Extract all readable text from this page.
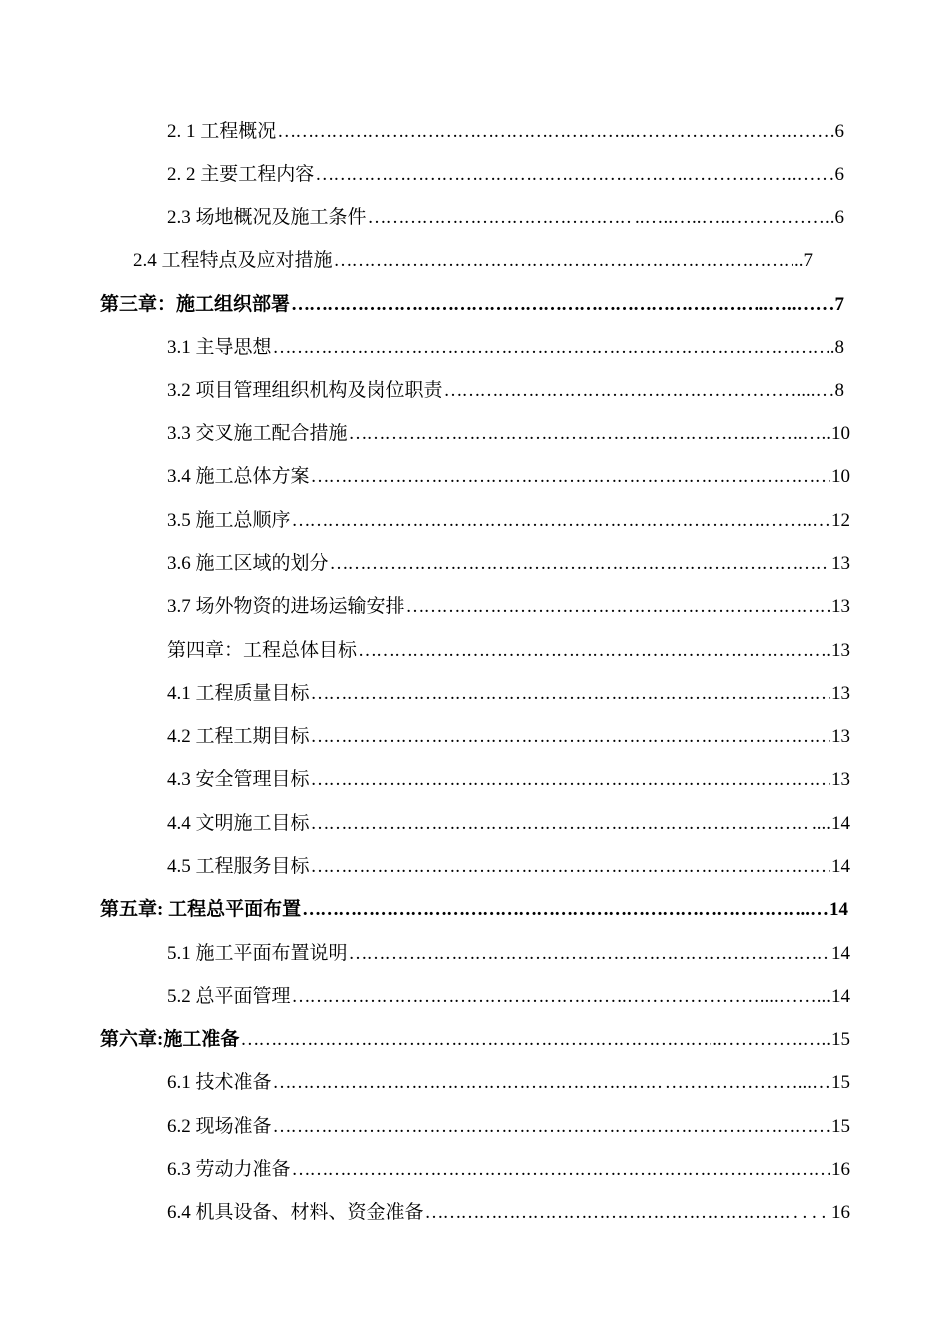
2. 1 工程概况 ……………………………………………………………………………………………………………………………………………………………	..…………………….…….6
2. 2 主要工程内容 ……………………………………………………………………………………………………………………………………………………………	..……….……..……6
2.3 场地概况及施工条件 ……………………………………………………………………………………………………………………………………………………………	..…..…..…..……………..6
2.4 工程特点及应对措施 ……………………………………………………………………………………………………………………………………………………………	..7
第三章：施工组织部署 ……………………………………………………………………………………………………………………………………………………………	..…..……7
3.1 主导思想 ……………………………………………………………………………………………………………………………………………………………	.8
3.2 项目管理组织机构及岗位职责 ……………………………………………………………………………………………………………………………………………………………	……………....…8
3.3 交叉施工配合措施 ……………………………………………………………………………………………………………………………………………………………	.……..…..10
3.4 施工总体方案 ……………………………………………………………………………………………………………………………………………………………	10
3.5 施工总顺序 ……………………………………………………………………………………………………………………………………………………………	..……..…12
3.6 施工区域的划分 ……………………………………………………………………………………………………………………………………………………………	13
3.7 场外物资的进场运输安排 ……………………………………………………………………………………………………………………………………………………………	13
第四章：工程总体目标 ……………………………………………………………………………………………………………………………………………………………	..13
4.1 工程质量目标 ……………………………………………………………………………………………………………………………………………………………	13
4.2 工程工期目标 ……………………………………………………………………………………………………………………………………………………………	13
4.3 安全管理目标 ……………………………………………………………………………………………………………………………………………………………	13
4.4 文明施工目标 ……………………………………………………………………………………………………………………………………………………………	....14
4.5 工程服务目标 ……………………………………………………………………………………………………………………………………………………………	14
第五章: 工程总平面布置 ……………………………………………………………………………………………………………………………………………………………	...…14
5.1 施工平面布置说明 ……………………………………………………………………………………………………………………………………………………………	14
5.2 总平面管理 ……………………………………………………………………………………………………………………………………………………………	..…………………....……...14
第六章:施工准备 ……………………………………………………………………………………………………………………………………………………………	..………….…..15
6.1 技术准备 ……………………………………………………………………………………………………………………………………………………………	…………………...…15
6.2 现场准备 ……………………………………………………………………………………………………………………………………………………………	15
6.3 劳动力准备 ……………………………………………………………………………………………………………………………………………………………	16
6.4 机具设备、材料、资金准备 ……………………………………………………………………………………………………………………………………………………………	. . . . 16
